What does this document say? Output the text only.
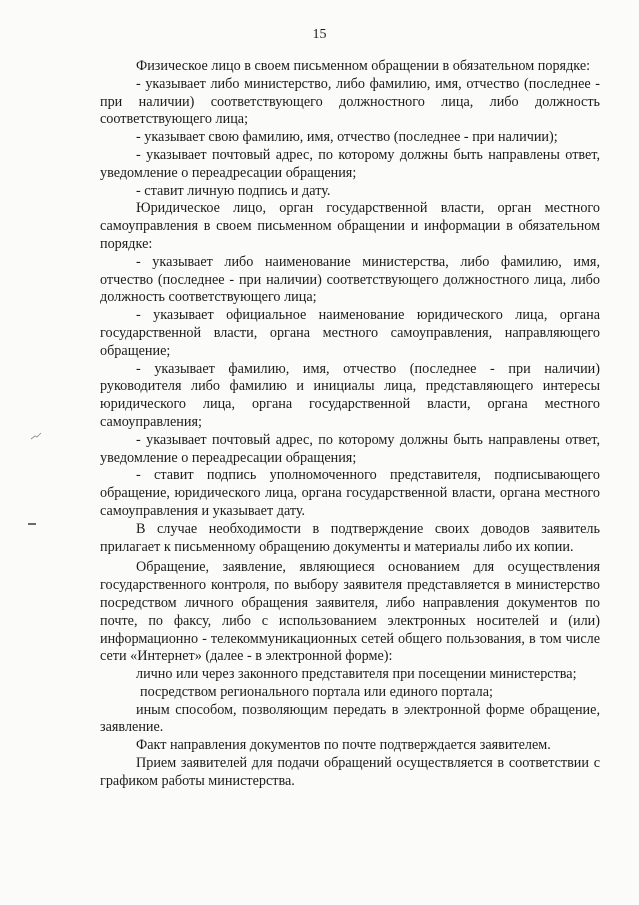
15

Физическое лицо в своем письменном обращении в обязательном порядке:

- указывает либо министерство, либо фамилию, имя, отчество (последнее - при наличии) соответствующего должностного лица, либо должность соответствующего лица;

- указывает свою фамилию, имя, отчество (последнее - при наличии);

- указывает почтовый адрес, по которому должны быть направлены ответ, уведомление о переадресации обращения;

- ставит личную подпись и дату.

Юридическое лицо, орган государственной власти, орган местного самоуправления в своем письменном обращении и информации в обязательном порядке:

- указывает либо наименование министерства, либо фамилию, имя, отчество (последнее - при наличии) соответствующего должностного лица, либо должность соответствующего лица;

- указывает официальное наименование юридического лица, органа государственной власти, органа местного самоуправления, направляющего обращение;

- указывает фамилию, имя, отчество (последнее - при наличии) руководителя либо фамилию и инициалы лица, представляющего интересы юридического лица, органа государственной власти, органа местного самоуправления;

- указывает почтовый адрес, по которому должны быть направлены ответ, уведомление о переадресации обращения;

- ставит подпись уполномоченного представителя, подписывающего обращение, юридического лица, органа государственной власти, органа местного самоуправления и указывает дату.

В случае необходимости в подтверждение своих доводов заявитель прилагает к письменному обращению документы и материалы либо их копии.

Обращение, заявление, являющиеся основанием для осуществления государственного контроля, по выбору заявителя представляется в министерство посредством личного обращения заявителя, либо направления документов по почте, по факсу, либо с использованием электронных носителей и (или) информационно - телекоммуникационных сетей общего пользования, в том числе сети «Интернет» (далее - в электронной форме):

лично или через законного представителя при посещении министерства;

посредством регионального портала или единого портала;

иным способом, позволяющим передать в электронной форме обращение, заявление.

Факт направления документов по почте подтверждается заявителем.

Прием заявителей для подачи обращений осуществляется в соответствии с графиком работы министерства.
